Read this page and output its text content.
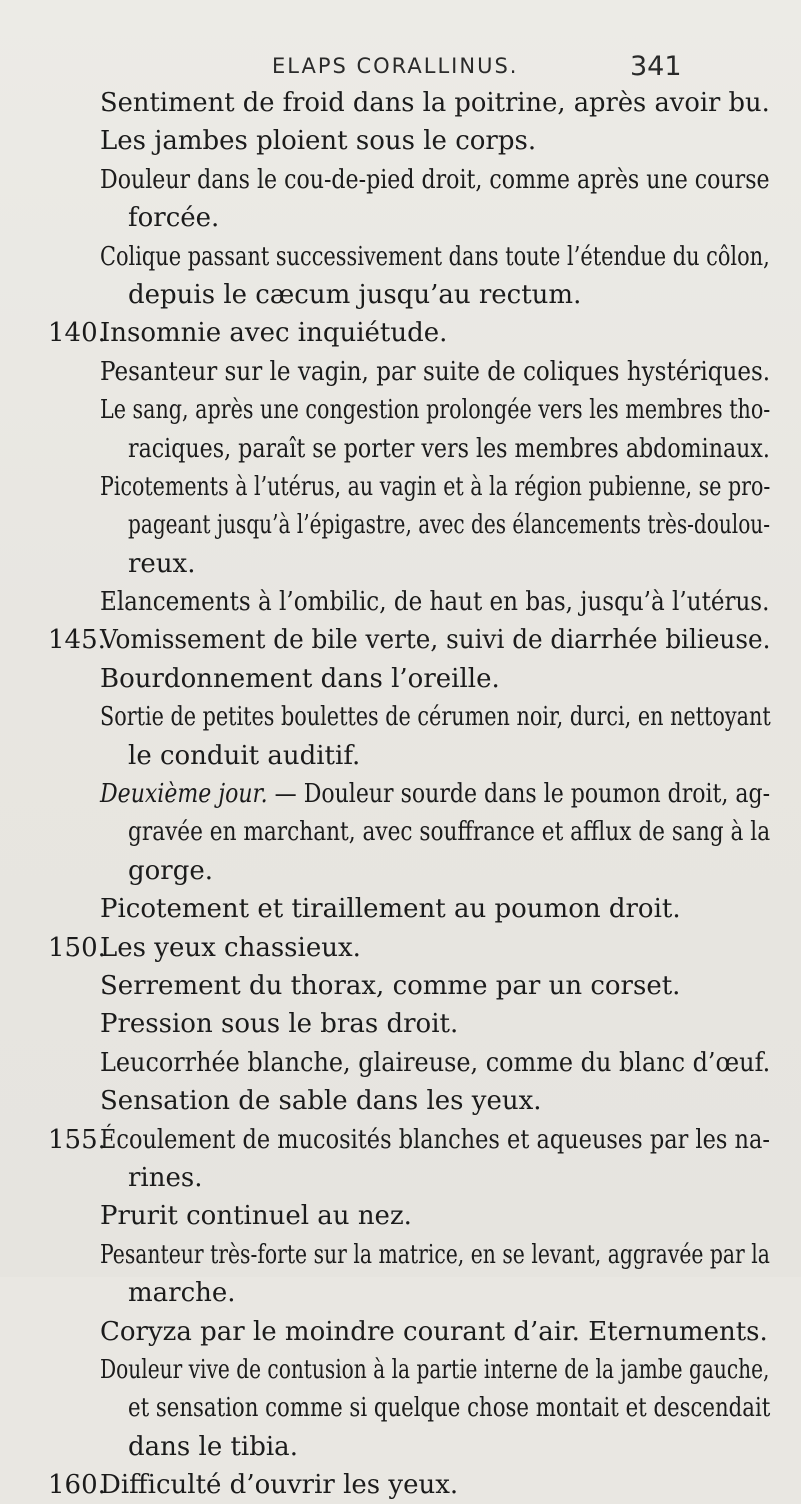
ELAPS CORALLINUS.	341
Sentiment de froid dans la poitrine, après avoir bu.
Les jambes ploient sous le corps.
Douleur dans le cou-de-pied droit, comme après une course
forcée.
Colique passant successivement dans toute l’étendue du côlon,
depuis le cæcum jusqu’au rectum.
140.
Insomnie avec inquiétude.
Pesanteur sur le vagin, par suite de coliques hystériques.
Le sang, après une congestion prolongée vers les membres tho-
raciques, paraît se porter vers les membres abdominaux.
Picotements à l’utérus, au vagin et à la région pubienne, se pro-
pageant jusqu’à l’épigastre, avec des élancements très-doulou-
reux.
Elancements à l’ombilic, de haut en bas, jusqu’à l’utérus.
145.
Vomissement de bile verte, suivi de diarrhée bilieuse.
Bourdonnement dans l’oreille.
Sortie de petites boulettes de cérumen noir, durci, en nettoyant
le conduit auditif.
Deuxième jour. — Douleur sourde dans le poumon droit, ag-
gravée en marchant, avec souffrance et afflux de sang à la
gorge.
Picotement et tiraillement au poumon droit.
150.
Les yeux chassieux.
Serrement du thorax, comme par un corset.
Pression sous le bras droit.
Leucorrhée blanche, glaireuse, comme du blanc d’œuf.
Sensation de sable dans les yeux.
155.
Écoulement de mucosités blanches et aqueuses par les na-
rines.
Prurit continuel au nez.
Pesanteur très-forte sur la matrice, en se levant, aggravée par la
marche.
Coryza par le moindre courant d’air. Eternuments.
Douleur vive de contusion à la partie interne de la jambe gauche,
et sensation comme si quelque chose montait et descendait
dans le tibia.
160.
Difficulté d’ouvrir les yeux.
